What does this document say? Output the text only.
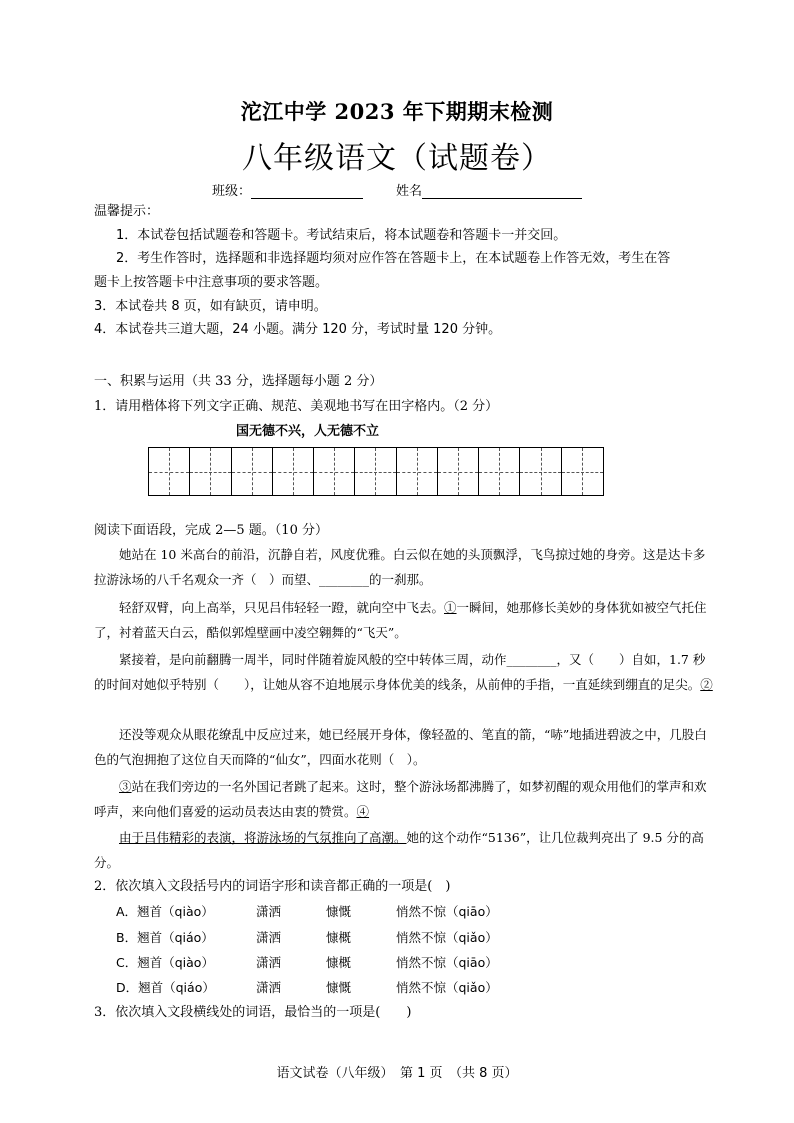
沱江中学 2023 年下期期末检测
八年级语文（试题卷）
班级：	姓名
温馨提示：
1．本试卷包括试题卷和答题卡。考试结束后，将本试题卷和答题卡一并交回。
2．考生作答时，选择题和非选择题均须对应作答在答题卡上，在本试题卷上作答无效，考生在答
题卡上按答题卡中注意事项的要求答题。
3．本试卷共 8 页，如有缺页，请申明。
4．本试卷共三道大题，24 小题。满分 120 分，考试时量 120 分钟。
一、积累与运用（共 33 分，选择题每小题 2 分）
1．请用楷体将下列文字正确、规范、美观地书写在田字格内。（2 分）
国无德不兴，人无德不立
阅读下面语段，完成 2—5 题。（10 分）
她站在 10 米高台的前沿，沉静自若，风度优雅。白云似在她的头顶飘浮，飞鸟掠过她的身旁。这是达卡多拉游泳场的八千名观众一齐（　）而望、________的一刹那。
轻舒双臂，向上高举，只见吕伟轻轻一蹬，就向空中飞去。①一瞬间，她那修长美妙的身体犹如被空气托住了，衬着蓝天白云，酷似郭煌壁画中凌空翱舞的“飞天”。
紧接着，是向前翻腾一周半，同时伴随着旋风般的空中转体三周，动作________，又（　　）自如，1.7 秒的时间对她似乎特别（　　），让她从容不迫地展示身体优美的线条，从前伸的手指，一直延续到绷直的足尖。②
还没等观众从眼花缭乱中反应过来，她已经展开身体，像轻盈的、笔直的箭，“哧”地插进碧波之中，几股白色的气泡拥抱了这位自天而降的“仙女”，四面水花则（　）。
③站在我们旁边的一名外国记者跳了起来。这时，整个游泳场都沸腾了，如梦初醒的观众用他们的掌声和欢呼声，来向他们喜爱的运动员表达由衷的赞赏。④
由于吕伟精彩的表演，将游泳场的气氛推向了高潮。她的这个动作“5136”，让几位裁判亮出了 9.5 分的高分。
2．依次填入文段括号内的词语字形和读音都正确的一项是(　)
A．翘首（qiào）	潇洒	慷慨	悄然不惊（qiāo）
B．翘首（qiáo）	潇洒	慷概	悄然不惊（qiǎo）
C．翘首（qiào）	潇洒	慷概	悄然不惊（qiāo）
D．翘首（qiáo）	潇洒	慷慨	悄然不惊（qiǎo）
3．依次填入文段横线处的词语，最恰当的一项是(　　)
语文试卷（八年级）　第 1 页　（共 8 页）
